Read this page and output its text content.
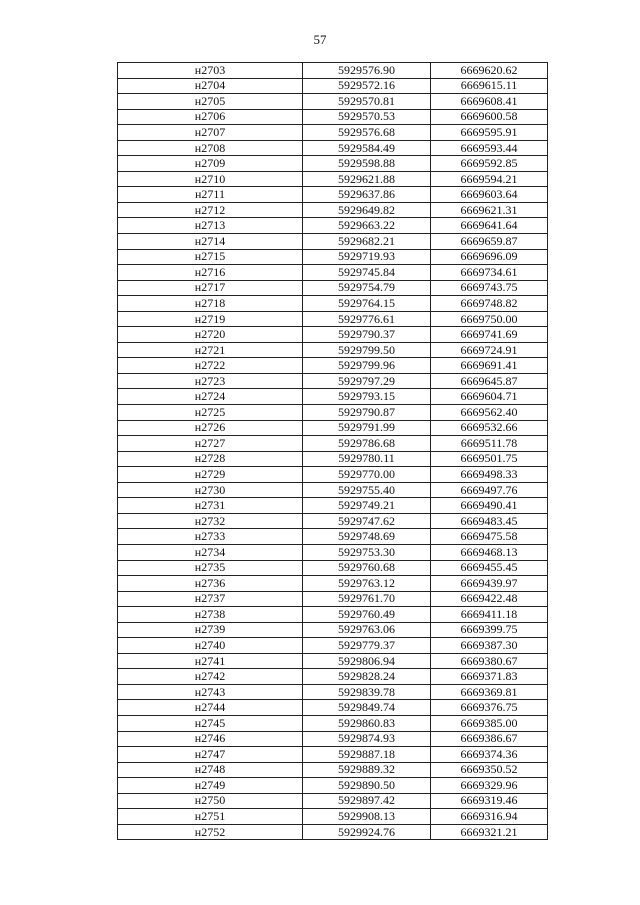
57
н2703	5929576.90	6669620.62
н2704	5929572.16	6669615.11
н2705	5929570.81	6669608.41
н2706	5929570.53	6669600.58
н2707	5929576.68	6669595.91
н2708	5929584.49	6669593.44
н2709	5929598.88	6669592.85
н2710	5929621.88	6669594.21
н2711	5929637.86	6669603.64
н2712	5929649.82	6669621.31
н2713	5929663.22	6669641.64
н2714	5929682.21	6669659.87
н2715	5929719.93	6669696.09
н2716	5929745.84	6669734.61
н2717	5929754.79	6669743.75
н2718	5929764.15	6669748.82
н2719	5929776.61	6669750.00
н2720	5929790.37	6669741.69
н2721	5929799.50	6669724.91
н2722	5929799.96	6669691.41
н2723	5929797.29	6669645.87
н2724	5929793.15	6669604.71
н2725	5929790.87	6669562.40
н2726	5929791.99	6669532.66
н2727	5929786.68	6669511.78
н2728	5929780.11	6669501.75
н2729	5929770.00	6669498.33
н2730	5929755.40	6669497.76
н2731	5929749.21	6669490.41
н2732	5929747.62	6669483.45
н2733	5929748.69	6669475.58
н2734	5929753.30	6669468.13
н2735	5929760.68	6669455.45
н2736	5929763.12	6669439.97
н2737	5929761.70	6669422.48
н2738	5929760.49	6669411.18
н2739	5929763.06	6669399.75
н2740	5929779.37	6669387.30
н2741	5929806.94	6669380.67
н2742	5929828.24	6669371.83
н2743	5929839.78	6669369.81
н2744	5929849.74	6669376.75
н2745	5929860.83	6669385.00
н2746	5929874.93	6669386.67
н2747	5929887.18	6669374.36
н2748	5929889.32	6669350.52
н2749	5929890.50	6669329.96
н2750	5929897.42	6669319.46
н2751	5929908.13	6669316.94
н2752	5929924.76	6669321.21
